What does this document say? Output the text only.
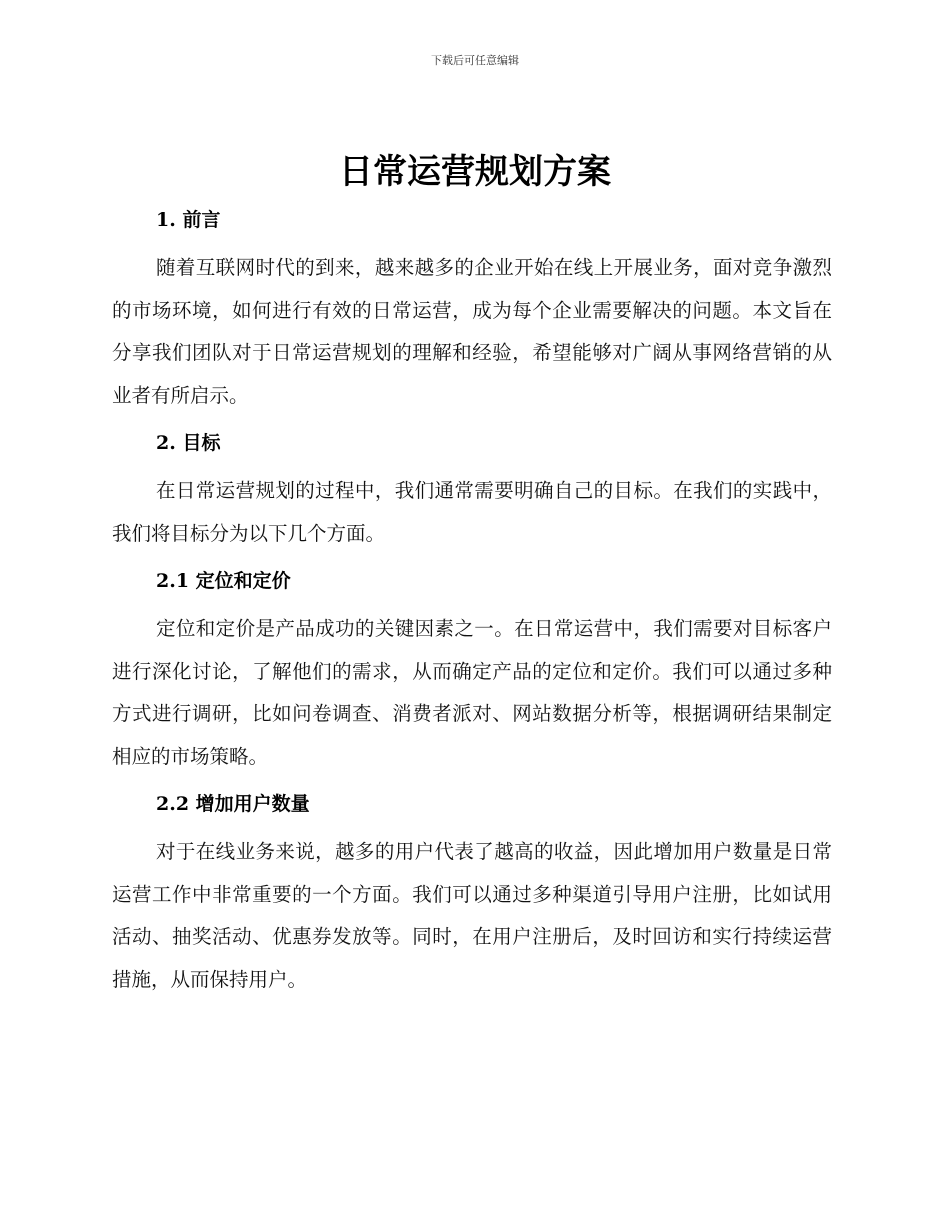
下载后可任意编辑
日常运营规划方案
1. 前言

随着互联网时代的到来，越来越多的企业开始在线上开展业务，面对竞争激烈的市场环境，如何进行有效的日常运营，成为每个企业需要解决的问题。本文旨在分享我们团队对于日常运营规划的理解和经验，希望能够对广阔从事网络营销的从业者有所启示。

2. 目标

在日常运营规划的过程中，我们通常需要明确自己的目标。在我们的实践中，我们将目标分为以下几个方面。

2.1 定位和定价

定位和定价是产品成功的关键因素之一。在日常运营中，我们需要对目标客户进行深化讨论，了解他们的需求，从而确定产品的定位和定价。我们可以通过多种方式进行调研，比如问卷调查、消费者派对、网站数据分析等，根据调研结果制定相应的市场策略。

2.2 增加用户数量

对于在线业务来说，越多的用户代表了越高的收益，因此增加用户数量是日常运营工作中非常重要的一个方面。我们可以通过多种渠道引导用户注册，比如试用活动、抽奖活动、优惠券发放等。同时，在用户注册后，及时回访和实行持续运营措施，从而保持用户。
